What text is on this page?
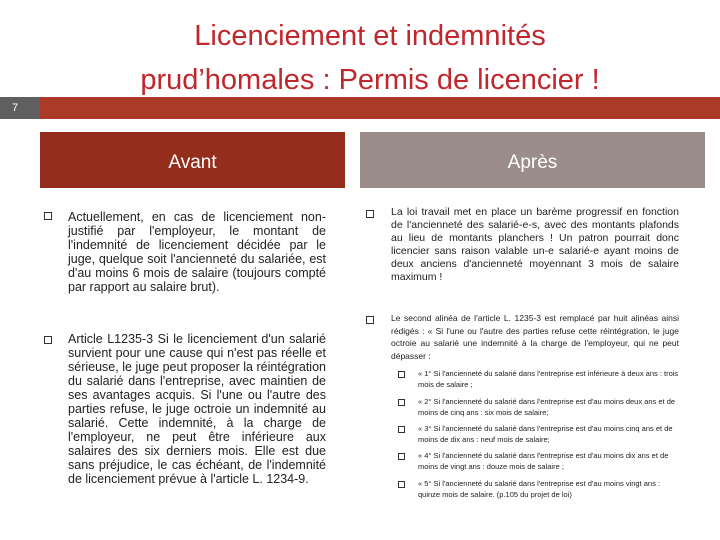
Licenciement et indemnités
prud’homales : Permis de licencier !
7
Avant	Après
Actuellement, en cas de licenciement non-justifié par l'employeur, le montant de l'indemnité de licenciement décidée par le juge, quelque soit l'ancienneté du salariée, est d'au moins 6 mois de salaire (toujours compté par rapport au salaire brut).
Article L1235-3 Si le licenciement d'un salarié survient pour une cause qui n'est pas réelle et sérieuse, le juge peut proposer la réintégration du salarié dans l'entreprise, avec maintien de ses avantages acquis. Si l'une ou l'autre des parties refuse, le juge octroie un indemnité au salarié. Cette indemnité, à la charge de l'employeur, ne peut être inférieure aux salaires des six derniers mois. Elle est due sans préjudice, le cas échéant, de l'indemnité de licenciement prévue à l'article L. 1234-9.
La loi travail met en place un barème progressif en fonction de l'ancienneté des salarié-e-s, avec des montants plafonds au lieu de montants planchers ! Un patron pourrait donc licencier sans raison valable un-e salarié-e ayant moins de deux anciens d'ancienneté moyennant 3 mois de salaire maximum !
Le second alinéa de l'article L. 1235-3 est remplacé par huit alinéas ainsi rédigés : « Si l'une ou l'autre des parties refuse cette réintégration, le juge octroie au salarié une indemnité à la charge de l'employeur, qui ne peut dépasser :
« 1° Si l'ancienneté du salarié dans l'entreprise est inférieure à deux ans : trois mois de salaire ;
« 2° Si l'ancienneté du salarié dans l'entreprise est d'au moins deux ans et de moins de cinq ans : six mois de salaire;
« 3° Si l'ancienneté du salarié dans l'entreprise est d'au moins cinq ans et de moins de dix ans : neuf mois de salaire;
« 4° Si l'ancienneté du salarié dans l'entreprise est d'au moins dix ans et de moins de vingt ans : douze mois de salaire ;
« 5° Si l'ancienneté du salarié dans l'entreprise est d'au moins vingt ans : quinze mois de salaire. (p.105 du projet de loi)
